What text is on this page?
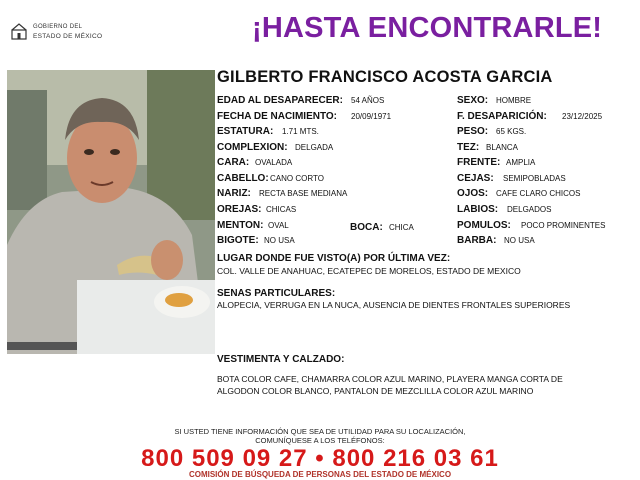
GOBIERNO DEL
ESTADO DE MÉXICO	¡HASTA ENCONTRARLE!
GILBERTO FRANCISCO ACOSTA GARCIA
EDAD AL DESAPARECER: 54 AÑOS
FECHA DE NACIMIENTO: 20/09/1971
ESTATURA: 1.71 MTS.
COMPLEXION: DELGADA
CARA: OVALADA
CABELLO: CANO CORTO
NARIZ: RECTA BASE MEDIANA
OREJAS: CHICAS
MENTON: OVAL	BOCA: CHICA
BIGOTE: NO USA
SEXO: HOMBRE
F. DESAPARICIÓN: 23/12/2025
PESO: 65 KGS.
TEZ: BLANCA
FRENTE: AMPLIA
CEJAS: SEMIPOBLADAS
OJOS: CAFE CLARO CHICOS
LABIOS: DELGADOS
POMULOS: POCO PROMINENTES
BARBA: NO USA
LUGAR DONDE FUE VISTO(A) POR ÚLTIMA VEZ:
COL. VALLE DE ANAHUAC, ECATEPEC DE MORELOS, ESTADO DE MEXICO
SENAS PARTICULARES:
ALOPECIA, VERRUGA EN LA NUCA, AUSENCIA DE DIENTES FRONTALES SUPERIORES
VESTIMENTA Y CALZADO:
BOTA COLOR CAFE, CHAMARRA COLOR AZUL MARINO, PLAYERA MANGA CORTA DE
ALGODON COLOR BLANCO, PANTALON DE MEZCLILLA COLOR AZUL MARINO
SI USTED TIENE INFORMACIÓN QUE SEA DE UTILIDAD PARA SU LOCALIZACIÓN,
COMUNÍQUESE A LOS TELÉFONOS:
800 509 09 27 • 800 216 03 61
COMISIÓN DE BÚSQUEDA DE PERSONAS DEL ESTADO DE MÉXICO
